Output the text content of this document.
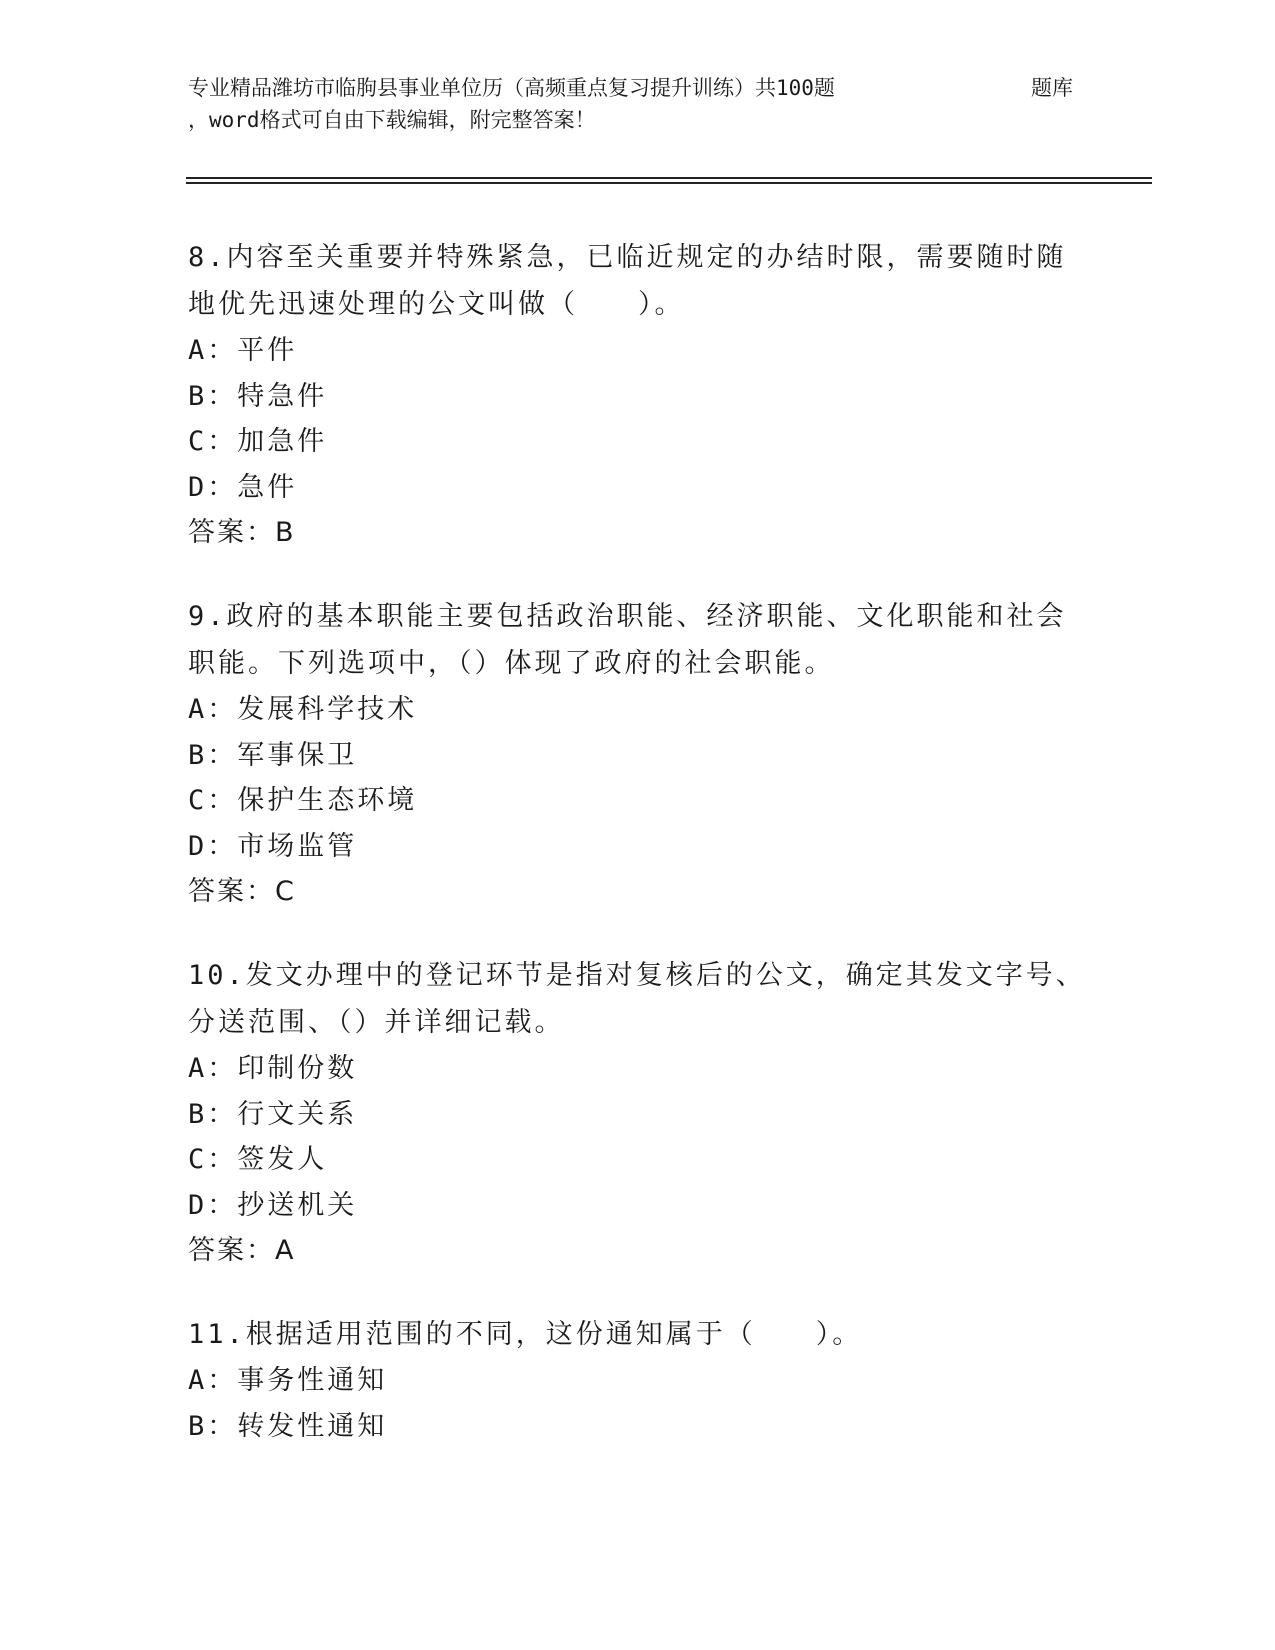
专业精品潍坊市临朐县事业单位历（高频重点复习提升训练）共100题	题库
，word格式可自由下载编辑，附完整答案！
8.内容至关重要并特殊紧急，已临近规定的办结时限，需要随时随地优先迅速处理的公文叫做（　　）。
A：平件
B：特急件
C：加急件
D：急件
答案：B
9.政府的基本职能主要包括政治职能、经济职能、文化职能和社会职能。下列选项中，（）体现了政府的社会职能。
A：发展科学技术
B：军事保卫
C：保护生态环境
D：市场监管
答案：C
10.发文办理中的登记环节是指对复核后的公文，确定其发文字号、分送范围、（）并详细记载。
A：印制份数
B：行文关系
C：签发人
D：抄送机关
答案：A
11.根据适用范围的不同，这份通知属于（　　）。
A：事务性通知
B：转发性通知
